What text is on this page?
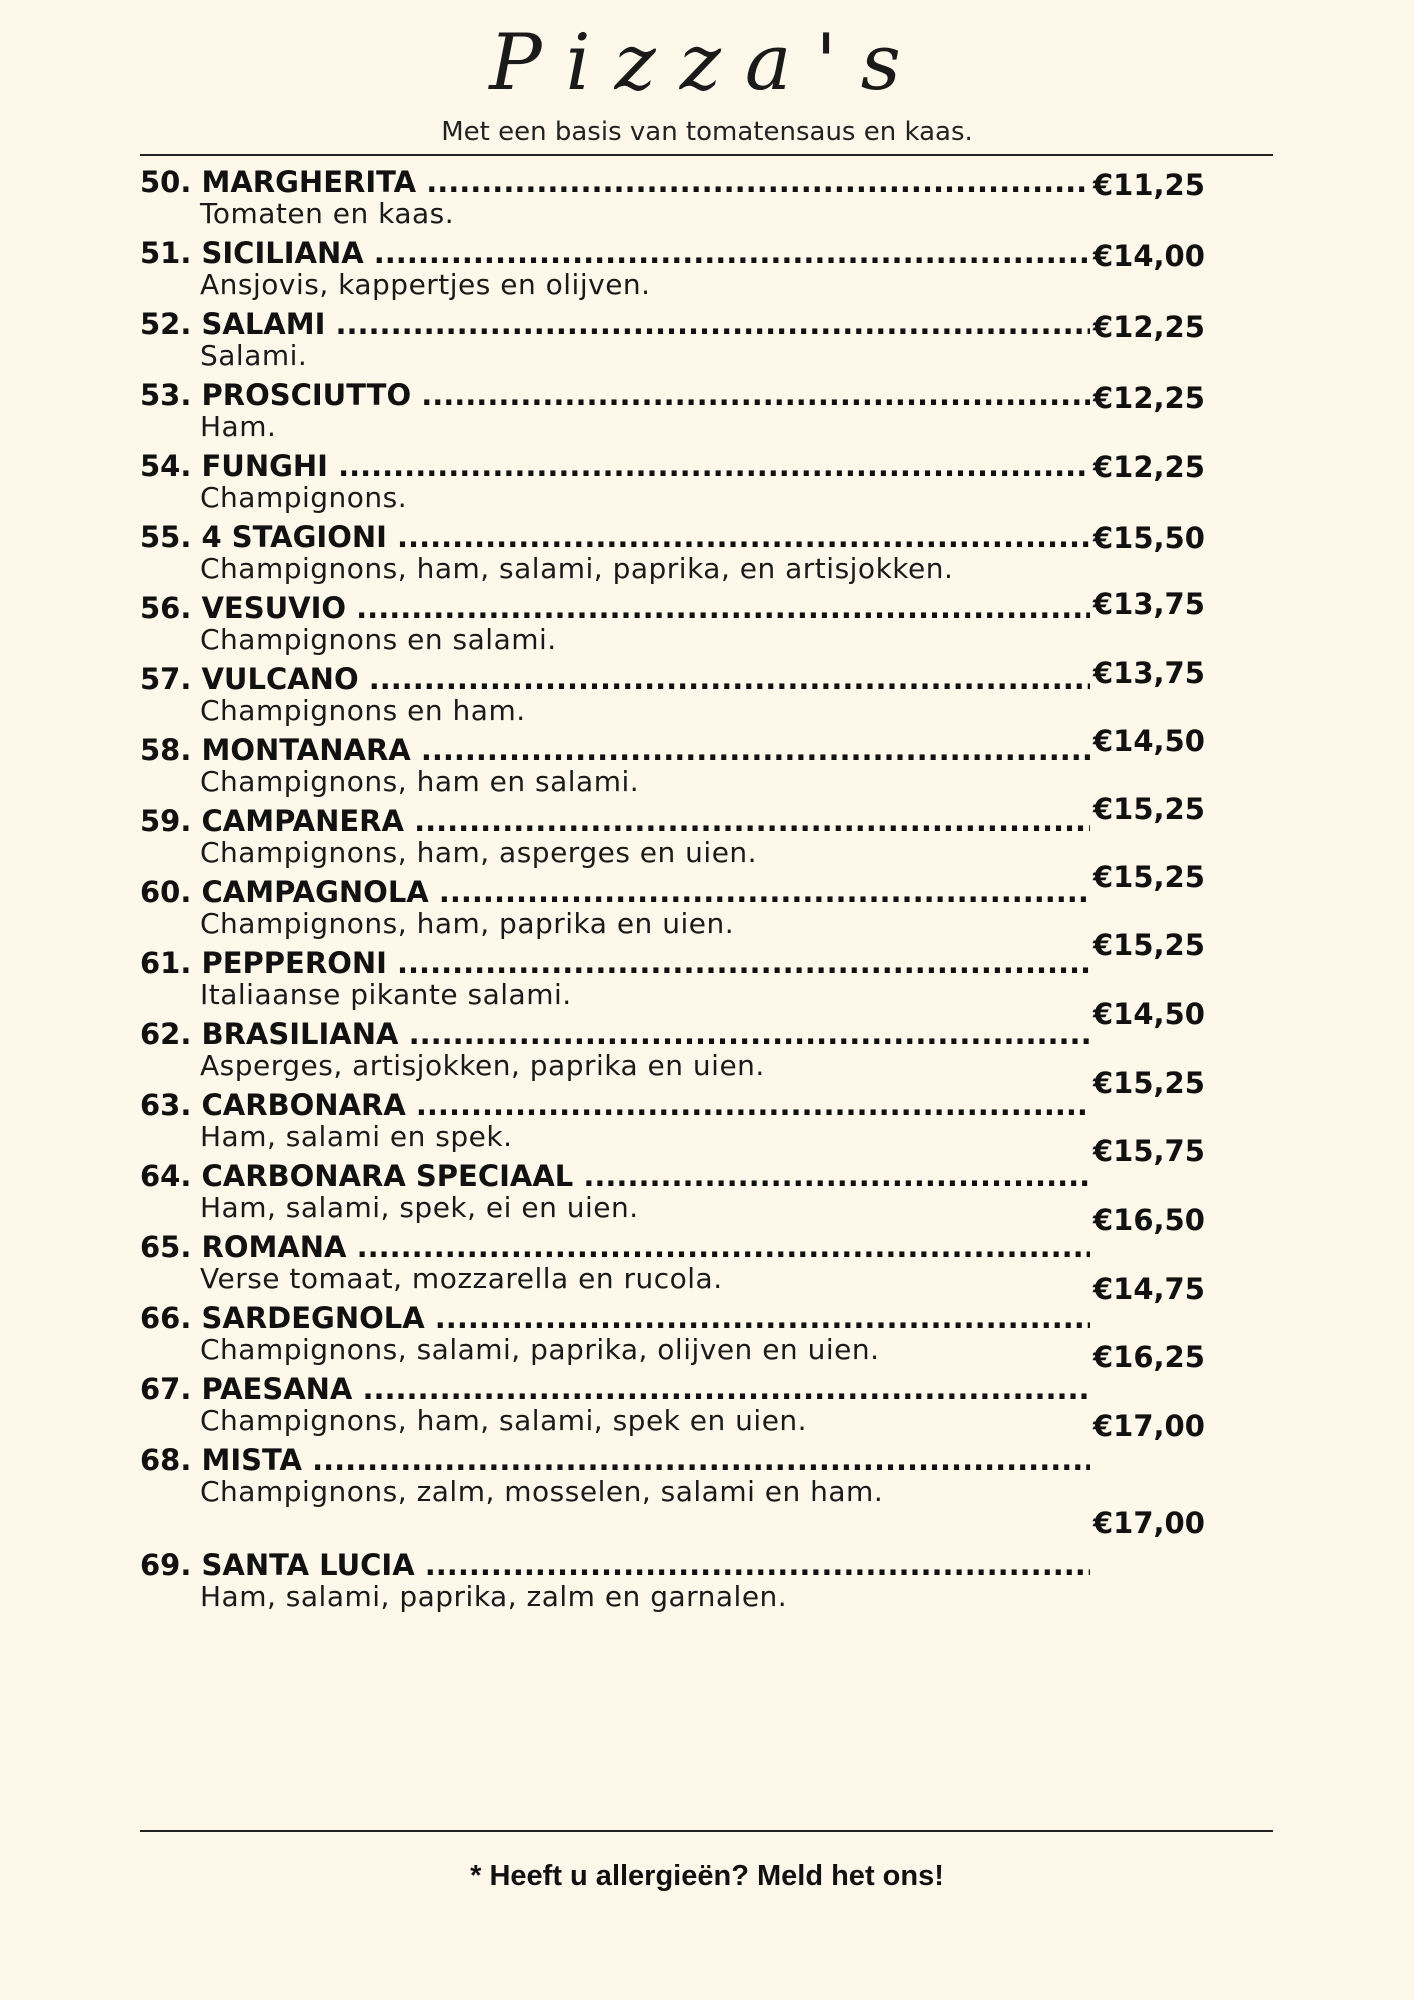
Pizza's
Met een basis van tomatensaus en kaas.
50. MARGHERITA .....
Tomaten en kaas.
€11,25
51. SICILIANA .....
Ansjovis, kappertjes en olijven.
€14,00
52. SALAMI .....
Salami.
€12,25
53. PROSCIUTTO .....
Ham.
€12,25
54. FUNGHI .....
Champignons.
€12,25
55. 4 STAGIONI .....
Champignons, ham, salami, paprika, en artisjokken.
€15,50
56. VESUVIO .....
Champignons en salami.
€13,75
57. VULCANO .....
Champignons en ham.
€13,75
58. MONTANARA .....
Champignons, ham en salami.
€14,50
59. CAMPANERA .....
Champignons, ham, asperges en uien.
€15,25
60. CAMPAGNOLA .....
Champignons, ham, paprika en uien.
€15,25
61. PEPPERONI .....
Italiaanse pikante salami.
€15,25
62. BRASILIANA .....
Asperges, artisjokken, paprika en uien.
€14,50
63. CARBONARA .....
Ham, salami en spek.
€15,25
64. CARBONARA SPECIAAL .....
Ham, salami, spek, ei en uien.
€15,75
65. ROMANA .....
Verse tomaat, mozzarella en rucola.
€16,50
66. SARDEGNOLA .....
Champignons, salami, paprika, olijven en uien.
€14,75
67. PAESANA .....
Champignons, ham, salami, spek en uien.
€16,25
68. MISTA .....
Champignons, zalm, mosselen, salami en ham.
€17,00
69. SANTA LUCIA .....
Ham, salami, paprika, zalm en garnalen.
€17,00
* Heeft u allergieën? Meld het ons!
